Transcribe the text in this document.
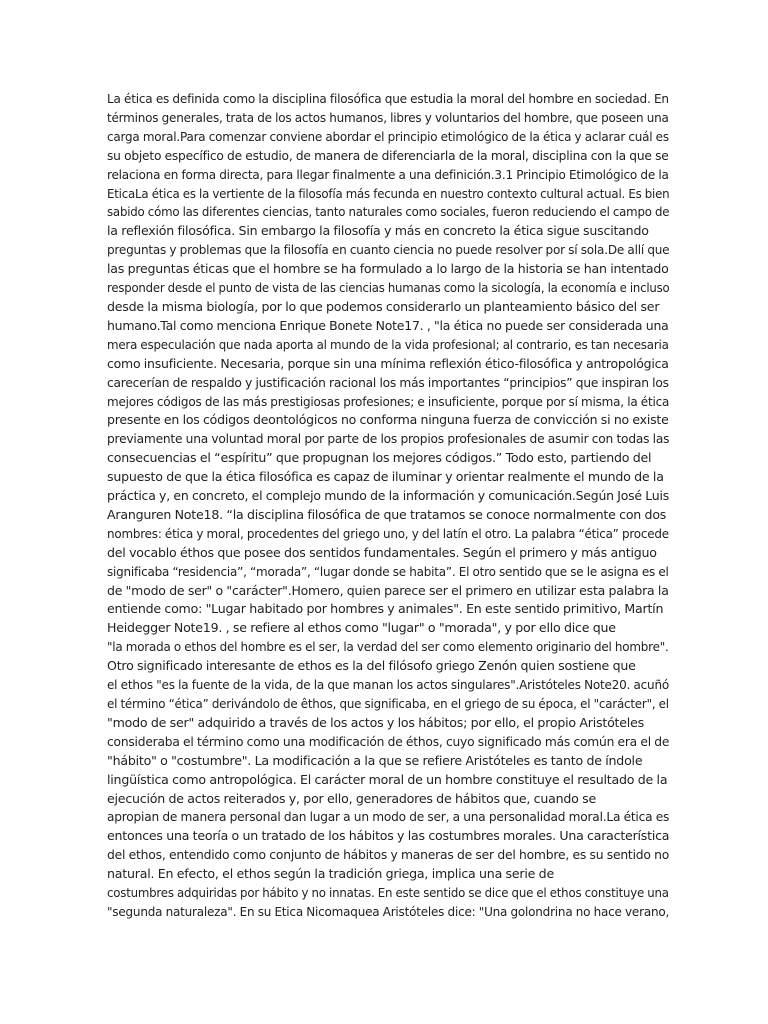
La ética es definida como la disciplina filosófica que estudia la moral del hombre en sociedad. En
términos generales, trata de los actos humanos, libres y voluntarios del hombre, que poseen una
carga moral.Para comenzar conviene abordar el principio etimológico de la ética y aclarar cuál es
su objeto específico de estudio, de manera de diferenciarla de la moral, disciplina con la que se
relaciona en forma directa, para llegar finalmente a una definición.3.1 Principio Etimológico de la
EticaLa ética es la vertiente de la filosofía más fecunda en nuestro contexto cultural actual. Es bien
sabido cómo las diferentes ciencias, tanto naturales como sociales, fueron reduciendo el campo de
la reflexión filosófica. Sin embargo la filosofía y más en concreto la ética sigue suscitando
preguntas y problemas que la filosofía en cuanto ciencia no puede resolver por sí sola.De allí que
las preguntas éticas que el hombre se ha formulado a lo largo de la historia se han intentado
responder desde el punto de vista de las ciencias humanas como la sicología, la economía e incluso
desde la misma biología, por lo que podemos considerarlo un planteamiento básico del ser
humano.Tal como menciona Enrique Bonete Note17. , "la ética no puede ser considerada una
mera especulación que nada aporta al mundo de la vida profesional; al contrario, es tan necesaria
como insuficiente. Necesaria, porque sin una mínima reflexión ético-filosófica y antropológica
carecerían de respaldo y justificación racional los más importantes “principios” que inspiran los
mejores códigos de las más prestigiosas profesiones; e insuficiente, porque por sí misma, la ética
presente en los códigos deontológicos no conforma ninguna fuerza de convicción si no existe
previamente una voluntad moral por parte de los propios profesionales de asumir con todas las
consecuencias el “espíritu” que propugnan los mejores códigos.” Todo esto, partiendo del
supuesto de que la ética filosófica es capaz de iluminar y orientar realmente el mundo de la
práctica y, en concreto, el complejo mundo de la información y comunicación.Según José Luis
Aranguren Note18. “la disciplina filosófica de que tratamos se conoce normalmente con dos
nombres: ética y moral, procedentes del griego uno, y del latín el otro. La palabra “ética” procede
del vocablo éthos que posee dos sentidos fundamentales. Según el primero y más antiguo
significaba “residencia”, “morada”, “lugar donde se habita”. El otro sentido que se le asigna es el
de "modo de ser" o "carácter".Homero, quien parece ser el primero en utilizar esta palabra la
entiende como: "Lugar habitado por hombres y animales". En este sentido primitivo, Martín
Heidegger Note19. , se refiere al ethos como "lugar" o "morada", y por ello dice que
"la morada o ethos del hombre es el ser, la verdad del ser como elemento originario del hombre".
Otro significado interesante de ethos es la del filósofo griego Zenón quien sostiene que
el ethos "es la fuente de la vida, de la que manan los actos singulares".Aristóteles Note20. acuñó
el término “ética” derivándolo de êthos, que significaba, en el griego de su época, el "carácter", el
"modo de ser" adquirido a través de los actos y los hábitos; por ello, el propio Aristóteles
consideraba el término como una modificación de éthos, cuyo significado más común era el de
"hábito" o "costumbre". La modificación a la que se refiere Aristóteles es tanto de índole
lingüística como antropológica. El carácter moral de un hombre constituye el resultado de la
ejecución de actos reiterados y, por ello, generadores de hábitos que, cuando se
apropian de manera personal dan lugar a un modo de ser, a una personalidad moral.La ética es
entonces una teoría o un tratado de los hábitos y las costumbres morales. Una característica
del ethos, entendido como conjunto de hábitos y maneras de ser del hombre, es su sentido no
natural. En efecto, el ethos según la tradición griega, implica una serie de
costumbres adquiridas por hábito y no innatas. En este sentido se dice que el ethos constituye una
"segunda naturaleza". En su Etica Nicomaquea Aristóteles dice: "Una golondrina no hace verano,
